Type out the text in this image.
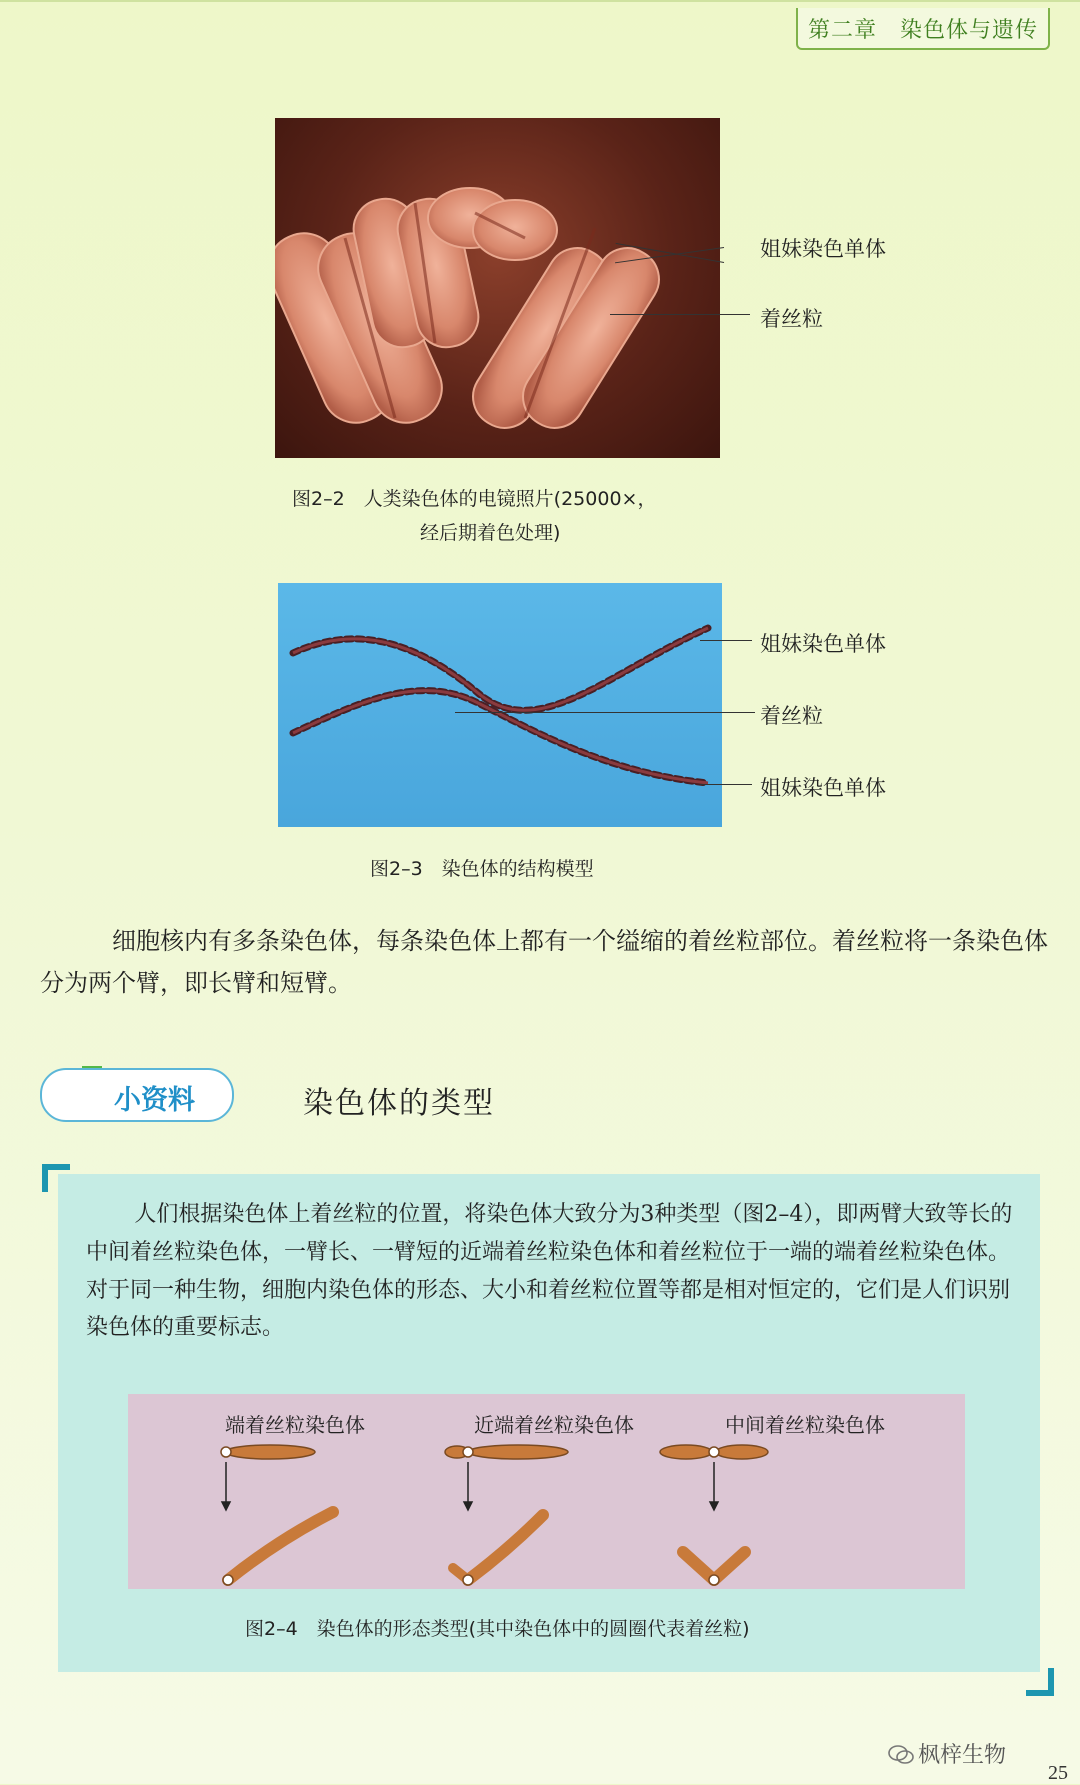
第二章　染色体与遗传
姐妹染色单体
着丝粒
图2–2　人类染色体的电镜照片(25000×，
经后期着色处理)
姐妹染色单体
着丝粒
姐妹染色单体
图2–3　染色体的结构模型

细胞核内有多条染色体，每条染色体上都有一个缢缩的着丝粒部位。着丝粒将一条染色体分为两个臂，即长臂和短臂。

小资料	染色体的类型

人们根据染色体上着丝粒的位置，将染色体大致分为3种类型（图2–4），即两臂大致等长的中间着丝粒染色体，一臂长、一臂短的近端着丝粒染色体和着丝粒位于一端的端着丝粒染色体。对于同一种生物，细胞内染色体的形态、大小和着丝粒位置等都是相对恒定的，它们是人们识别染色体的重要标志。

端着丝粒染色体	近端着丝粒染色体	中间着丝粒染色体
图2–4　染色体的形态类型(其中染色体中的圆圈代表着丝粒)
枫梓生物
25
